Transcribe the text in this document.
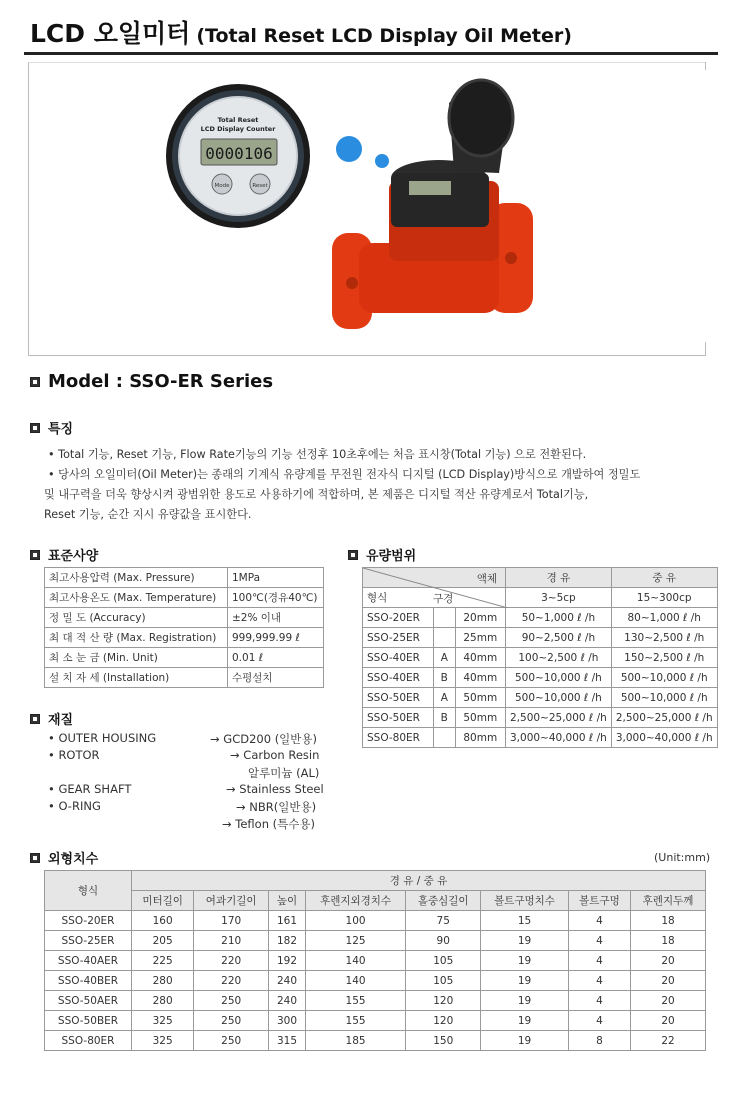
LCD 오일미터 (Total Reset LCD Display Oil Meter)
Total Reset
LCD Display Counter
0000106
Mode	Reset
Model : SSO-ER Series
특징
• Total 기능, Reset 기능, Flow Rate기능의 기능 선정후 10초후에는 처음 표시창(Total 기능) 으로 전환된다.
• 당사의 오일미터(Oil Meter)는 종래의 기계식 유량계를 무전원 전자식 디지털 (LCD Display)방식으로 개발하여 정밀도
및 내구력을 더욱 향상시켜 광범위한 용도로 사용하기에 적합하며, 본 제품은 디지털 적산 유량계로서 Total기능,
Reset 기능, 순간 지시 유량값을 표시한다.
표준사양
최고사용압력 (Max. Pressure)	1MPa
최고사용온도 (Max. Temperature)	100℃(경유40℃)
정 밀 도 (Accuracy)	±2% 이내
최 대 적 산 량 (Max. Registration)	999,999.99 ℓ
최 소 눈 금 (Min. Unit)	0.01 ℓ
설 치 자 세 (Installation)	수평설치
유량범위
액체			경 유	중 유
형식 구경			3~5cp	15~300cp
SSO-20ER		20mm	50~1,000 ℓ /h	80~1,000 ℓ /h
SSO-25ER		25mm	90~2,500 ℓ /h	130~2,500 ℓ /h
SSO-40ER	A	40mm	100~2,500 ℓ /h	150~2,500 ℓ /h
SSO-40ER	B	40mm	500~10,000 ℓ /h	500~10,000 ℓ /h
SSO-50ER	A	50mm	500~10,000 ℓ /h	500~10,000 ℓ /h
SSO-50ER	B	50mm	2,500~25,000 ℓ /h	2,500~25,000 ℓ /h
SSO-80ER		80mm	3,000~40,000 ℓ /h	3,000~40,000 ℓ /h
재질
• OUTER HOUSING	→ GCD200 (일반용)
• ROTOR	→ Carbon Resin
알루미늄 (AL)
• GEAR SHAFT	→ Stainless Steel
• O-RING	→ NBR(일반용)
→ Teflon (특수용)
외형치수	(Unit:mm)
형식	경 유 / 중 유							
	미터길이	여과기길이	높이	후렌지외경치수	홀중심길이	볼트구멍치수	볼트구멍	후렌지두께
SSO-20ER	160	170	161	100	75	15	4	18
SSO-25ER	205	210	182	125	90	19	4	18
SSO-40AER	225	220	192	140	105	19	4	20
SSO-40BER	280	220	240	140	105	19	4	20
SSO-50AER	280	250	240	155	120	19	4	20
SSO-50BER	325	250	300	155	120	19	4	20
SSO-80ER	325	250	315	185	150	19	8	22
